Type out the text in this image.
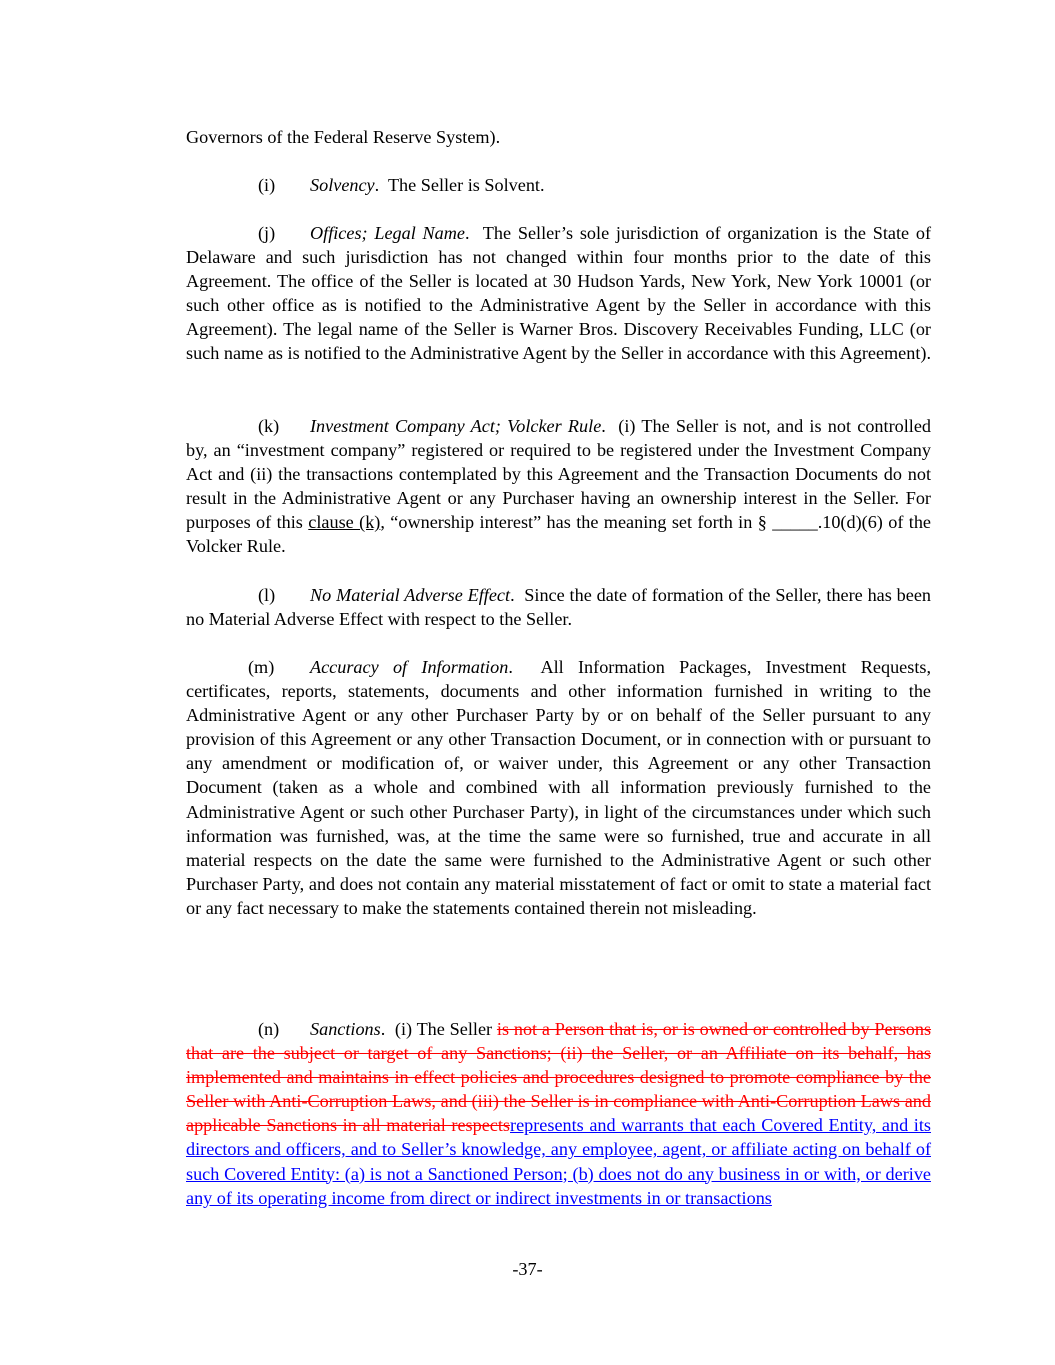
Governors of the Federal Reserve System).

(i) Solvency.  The Seller is Solvent.

(j) Offices; Legal Name.  The Seller’s sole jurisdiction of organization is the State of Delaware and such jurisdiction has not changed within four months prior to the date of this Agreement. The office of the Seller is located at 30 Hudson Yards, New York, New York 10001 (or such other office as is notified to the Administrative Agent by the Seller in accordance with this Agreement). The legal name of the Seller is Warner Bros. Discovery Receivables Funding, LLC (or such name as is notified to the Administrative Agent by the Seller in accordance with this Agreement).

(k) Investment Company Act; Volcker Rule.  (i) The Seller is not, and is not controlled by, an “investment company” registered or required to be registered under the Investment Company Act and (ii) the transactions contemplated by this Agreement and the Transaction Documents do not result in the Administrative Agent or any Purchaser having an ownership interest in the Seller. For purposes of this clause (k), “ownership interest” has the meaning set forth in § _____.10(d)(6) of the Volcker Rule.

(l) No Material Adverse Effect.  Since the date of formation of the Seller, there has been no Material Adverse Effect with respect to the Seller.

(m) Accuracy of Information.  All Information Packages, Investment Requests, certificates, reports, statements, documents and other information furnished in writing to the Administrative Agent or any other Purchaser Party by or on behalf of the Seller pursuant to any provision of this Agreement or any other Transaction Document, or in connection with or pursuant to any amendment or modification of, or waiver under, this Agreement or any other Transaction Document (taken as a whole and combined with all information previously furnished to the Administrative Agent or such other Purchaser Party), in light of the circumstances under which such information was furnished, was, at the time the same were so furnished, true and accurate in all material respects on the date the same were furnished to the Administrative Agent or such other Purchaser Party, and does not contain any material misstatement of fact or omit to state a material fact or any fact necessary to make the statements contained therein not misleading.

(n) Sanctions.  (i) The Seller is not a Person that is, or is owned or controlled by Persons that are the subject or target of any Sanctions; (ii) the Seller, or an Affiliate on its behalf, has implemented and maintains in effect policies and procedures designed to promote compliance by the Seller with Anti-Corruption Laws, and (iii) the Seller is in compliance with Anti-Corruption Laws and applicable Sanctions in all material respectsrepresents and warrants that each Covered Entity, and its directors and officers, and to Seller’s knowledge, any employee, agent, or affiliate acting on behalf of such Covered Entity: (a) is not a Sanctioned Person; (b) does not do any business in or with, or derive any of its operating income from direct or indirect investments in or transactions

-37-
